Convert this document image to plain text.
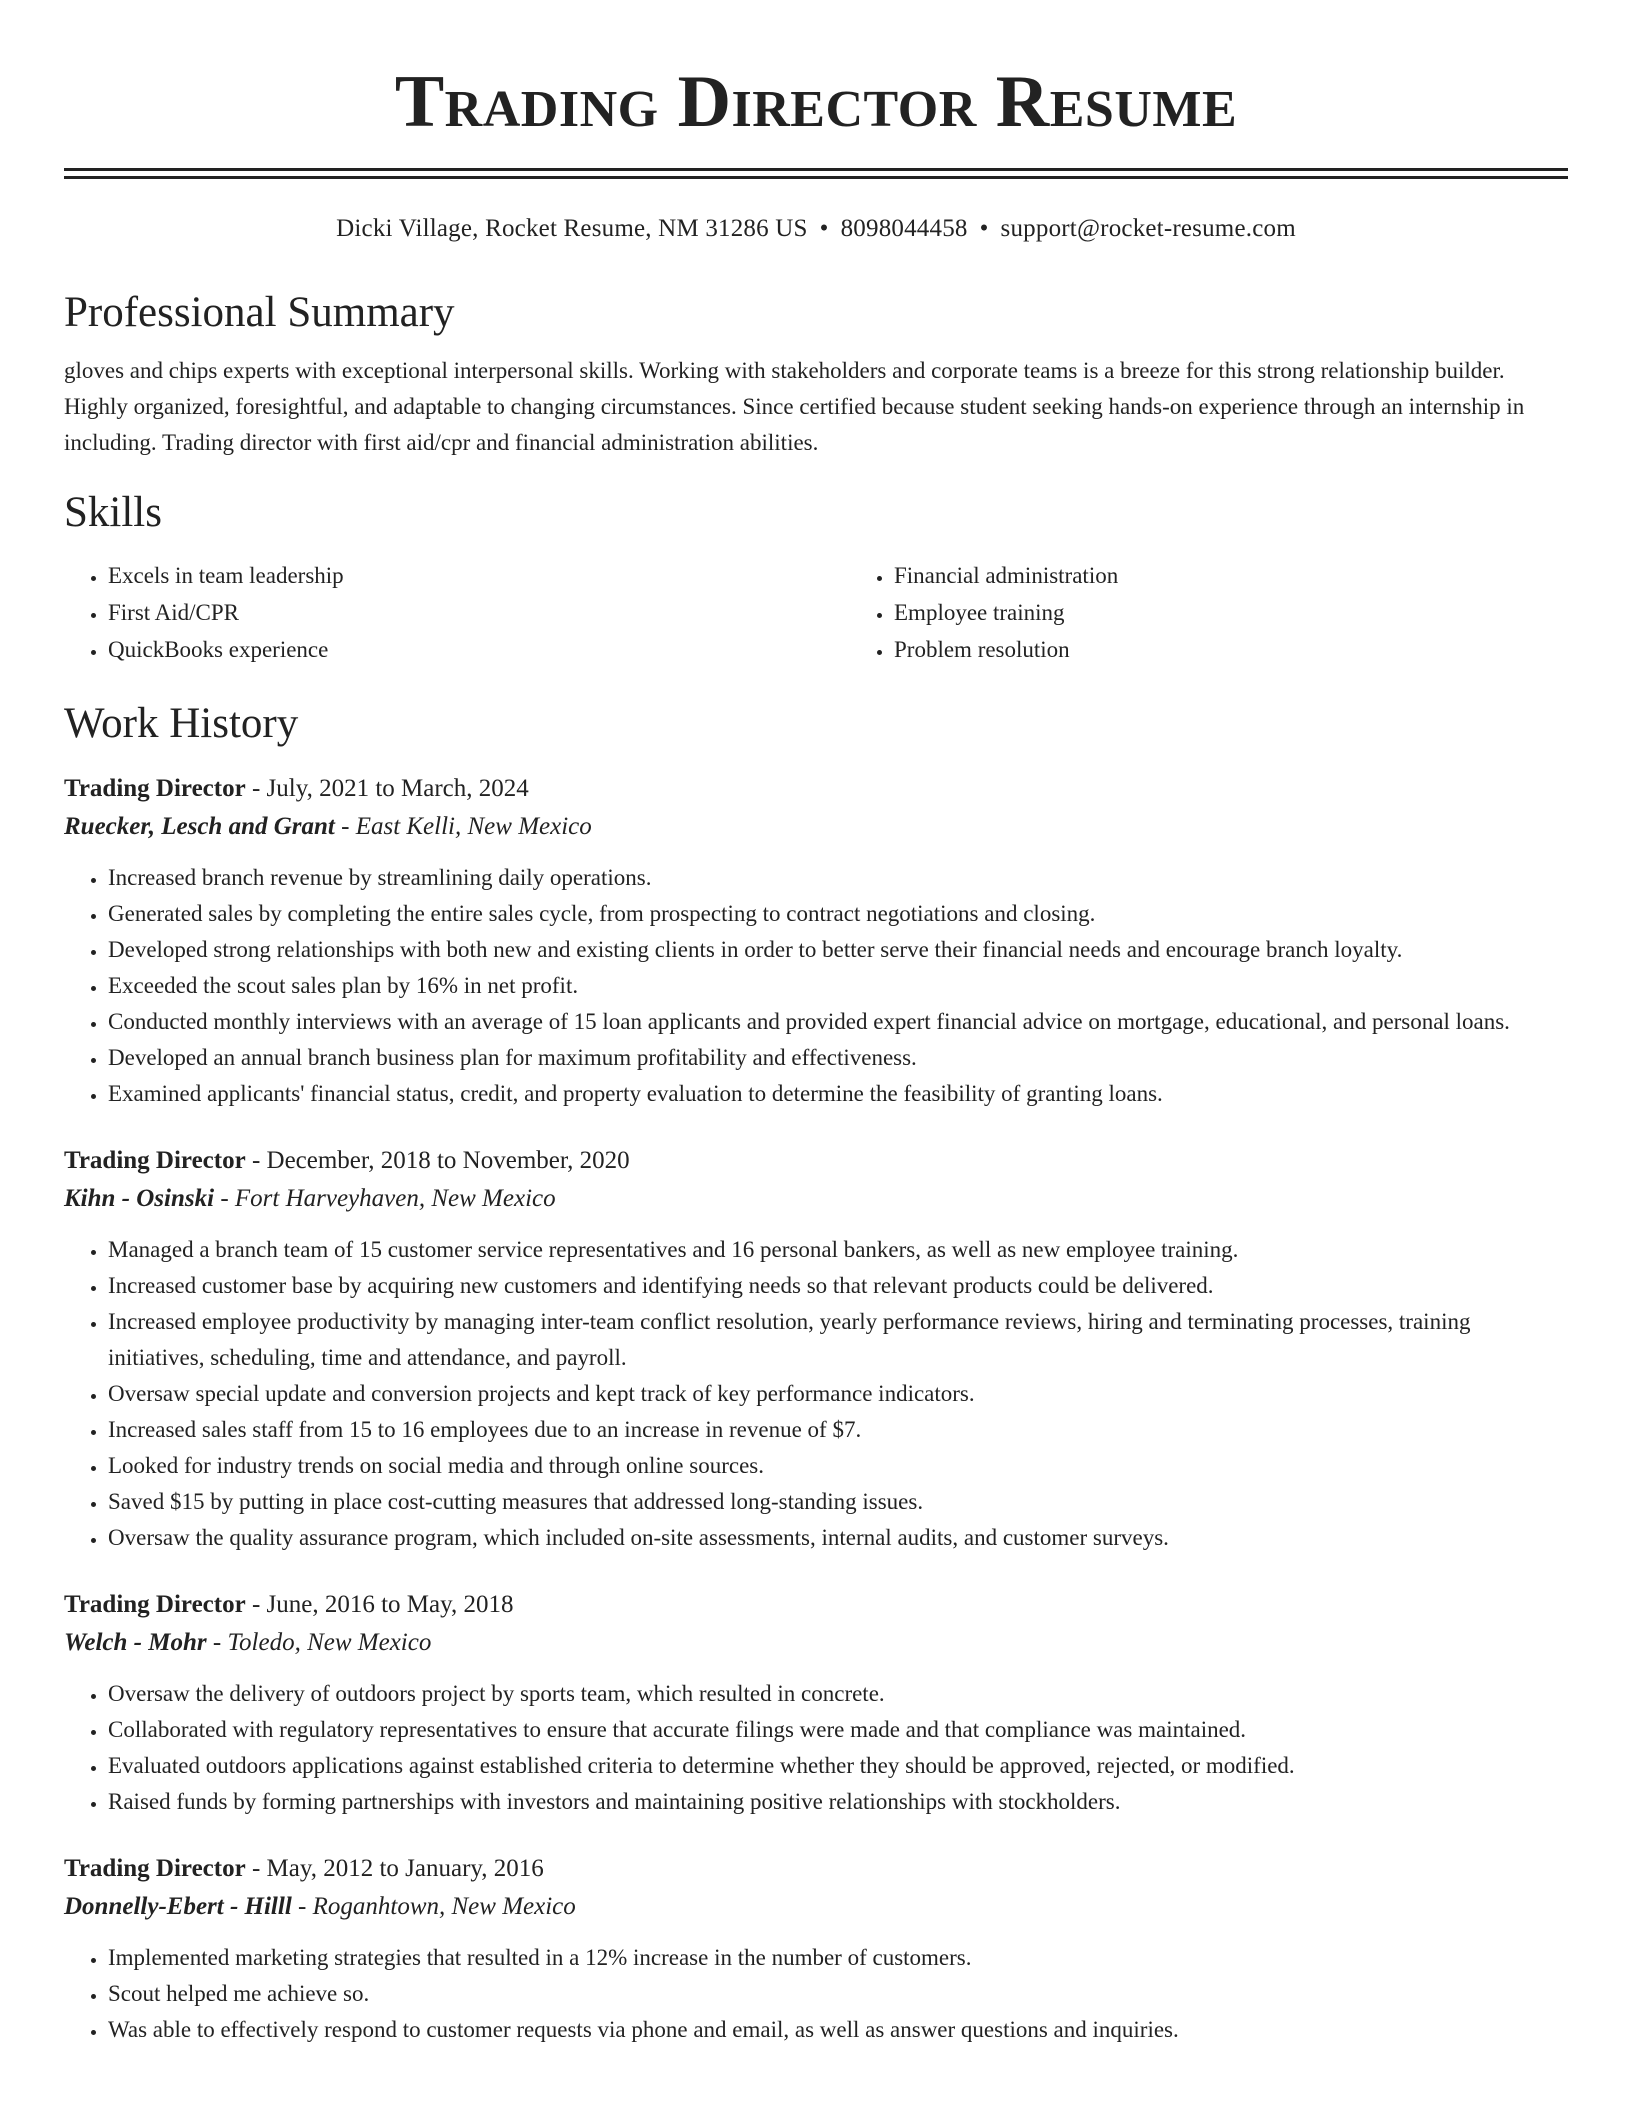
Trading Director Resume
Dicki Village, Rocket Resume, NM 31286 US • 8098044458 • support@rocket-resume.com
Professional Summary
gloves and chips experts with exceptional interpersonal skills. Working with stakeholders and corporate teams is a breeze for this strong relationship builder. Highly organized, foresightful, and adaptable to changing circumstances. Since certified because student seeking hands-on experience through an internship in including. Trading director with first aid/cpr and financial administration abilities.
Skills
• Excels in team leadership
• First Aid/CPR
• QuickBooks experience
• Financial administration
• Employee training
• Problem resolution
Work History
Trading Director - July, 2021 to March, 2024
Ruecker, Lesch and Grant - East Kelli, New Mexico
• Increased branch revenue by streamlining daily operations.
• Generated sales by completing the entire sales cycle, from prospecting to contract negotiations and closing.
• Developed strong relationships with both new and existing clients in order to better serve their financial needs and encourage branch loyalty.
• Exceeded the scout sales plan by 16% in net profit.
• Conducted monthly interviews with an average of 15 loan applicants and provided expert financial advice on mortgage, educational, and personal loans.
• Developed an annual branch business plan for maximum profitability and effectiveness.
• Examined applicants' financial status, credit, and property evaluation to determine the feasibility of granting loans.
Trading Director - December, 2018 to November, 2020
Kihn - Osinski - Fort Harveyhaven, New Mexico
• Managed a branch team of 15 customer service representatives and 16 personal bankers, as well as new employee training.
• Increased customer base by acquiring new customers and identifying needs so that relevant products could be delivered.
• Increased employee productivity by managing inter-team conflict resolution, yearly performance reviews, hiring and terminating processes, training initiatives, scheduling, time and attendance, and payroll.
• Oversaw special update and conversion projects and kept track of key performance indicators.
• Increased sales staff from 15 to 16 employees due to an increase in revenue of $7.
• Looked for industry trends on social media and through online sources.
• Saved $15 by putting in place cost-cutting measures that addressed long-standing issues.
• Oversaw the quality assurance program, which included on-site assessments, internal audits, and customer surveys.
Trading Director - June, 2016 to May, 2018
Welch - Mohr - Toledo, New Mexico
• Oversaw the delivery of outdoors project by sports team, which resulted in concrete.
• Collaborated with regulatory representatives to ensure that accurate filings were made and that compliance was maintained.
• Evaluated outdoors applications against established criteria to determine whether they should be approved, rejected, or modified.
• Raised funds by forming partnerships with investors and maintaining positive relationships with stockholders.
Trading Director - May, 2012 to January, 2016
Donnelly-Ebert - Hilll - Roganhtown, New Mexico
• Implemented marketing strategies that resulted in a 12% increase in the number of customers.
• Scout helped me achieve so.
• Was able to effectively respond to customer requests via phone and email, as well as answer questions and inquiries.
